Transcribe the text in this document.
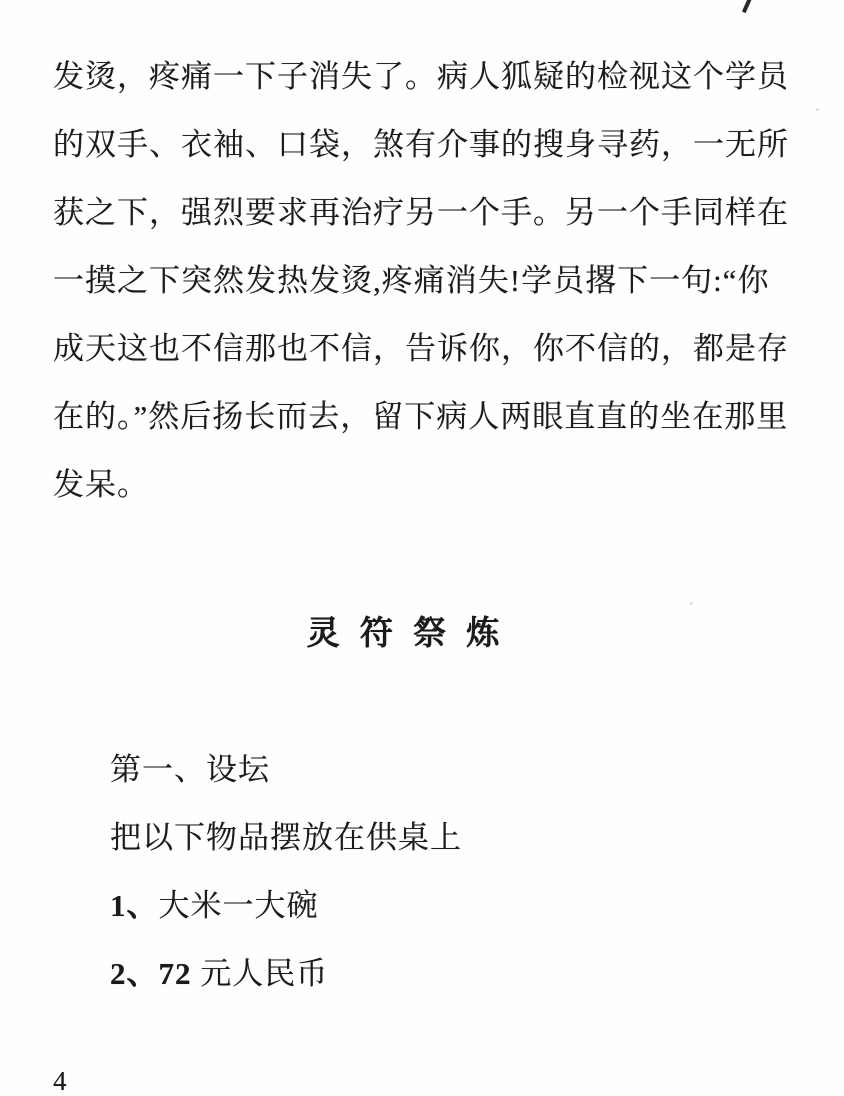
发烫，疼痛一下子消失了。病人狐疑的检视这个学员
的双手、衣袖、口袋，煞有介事的搜身寻药，一无所
获之下，强烈要求再治疗另一个手。另一个手同样在
一摸之下突然发热发烫,疼痛消失!学员撂下一句:“你
成天这也不信那也不信，告诉你，你不信的，都是存
在的。”然后扬长而去，留下病人两眼直直的坐在那里
发呆。
灵 符 祭 炼
第一、设坛
把以下物品摆放在供桌上
1、大米一大碗
2、72 元人民币
4
